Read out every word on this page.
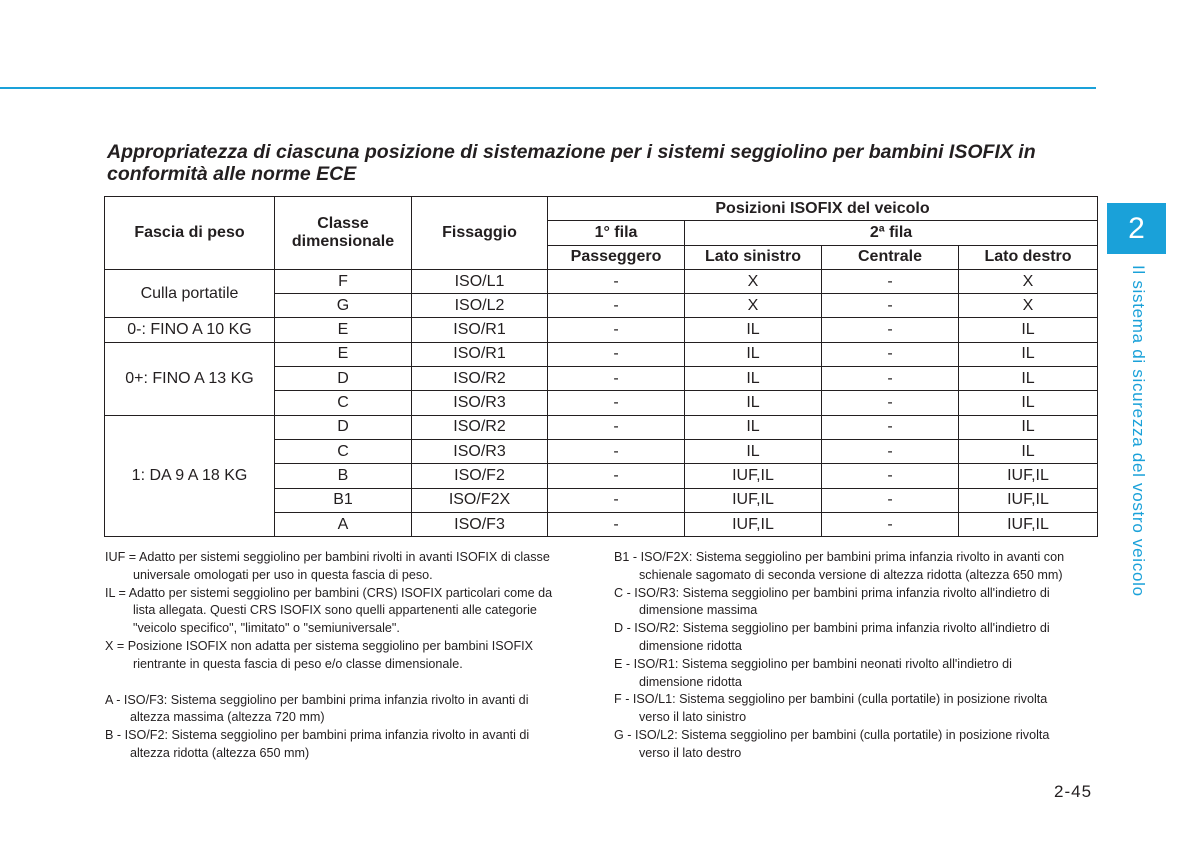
2
Il sistema di sicurezza del vostro veicolo
Appropriatezza di ciascuna posizione di sistemazione per i sistemi seggiolino per bambini ISOFIX in conformità alle norme ECE
Fascia di peso	Classe dimensionale	Fissaggio	Posizioni ISOFIX del veicolo			
			1° fila	2ª fila		
			Passeggero	Lato sinistro	Centrale	Lato destro
Culla portatile	F	ISO/L1	-	X	-	X
	G	ISO/L2	-	X	-	X
0-: FINO A 10 KG	E	ISO/R1	-	IL	-	IL
0+: FINO A 13 KG	E	ISO/R1	-	IL	-	IL
	D	ISO/R2	-	IL	-	IL
	C	ISO/R3	-	IL	-	IL
1: DA 9 A 18 KG	D	ISO/R2	-	IL	-	IL
	C	ISO/R3	-	IL	-	IL
	B	ISO/F2	-	IUF,IL	-	IUF,IL
	B1	ISO/F2X	-	IUF,IL	-	IUF,IL
	A	ISO/F3	-	IUF,IL	-	IUF,IL

IUF = Adatto per sistemi seggiolino per bambini rivolti in avanti ISOFIX di classe

universale omologati per uso in questa fascia di peso.

IL = Adatto per sistemi seggiolino per bambini (CRS) ISOFIX particolari come da

lista allegata. Questi CRS ISOFIX sono quelli appartenenti alle categorie

"veicolo specifico", "limitato" o "semiuniversale".

X = Posizione ISOFIX non adatta per sistema seggiolino per bambini ISOFIX

rientrante in questa fascia di peso e/o classe dimensionale.

A - ISO/F3: Sistema seggiolino per bambini prima infanzia rivolto in avanti di

altezza massima (altezza 720 mm)

B - ISO/F2: Sistema seggiolino per bambini prima infanzia rivolto in avanti di

altezza ridotta (altezza 650 mm)

B1 - ISO/F2X: Sistema seggiolino per bambini prima infanzia rivolto in avanti con

schienale sagomato di seconda versione di altezza ridotta (altezza 650 mm)

C - ISO/R3: Sistema seggiolino per bambini prima infanzia rivolto all'indietro di

dimensione massima

D - ISO/R2: Sistema seggiolino per bambini prima infanzia rivolto all'indietro di

dimensione ridotta

E - ISO/R1: Sistema seggiolino per bambini neonati rivolto all'indietro di

dimensione ridotta

F - ISO/L1: Sistema seggiolino per bambini (culla portatile) in posizione rivolta

verso il lato sinistro

G - ISO/L2: Sistema seggiolino per bambini (culla portatile) in posizione rivolta

verso il lato destro

2-45
